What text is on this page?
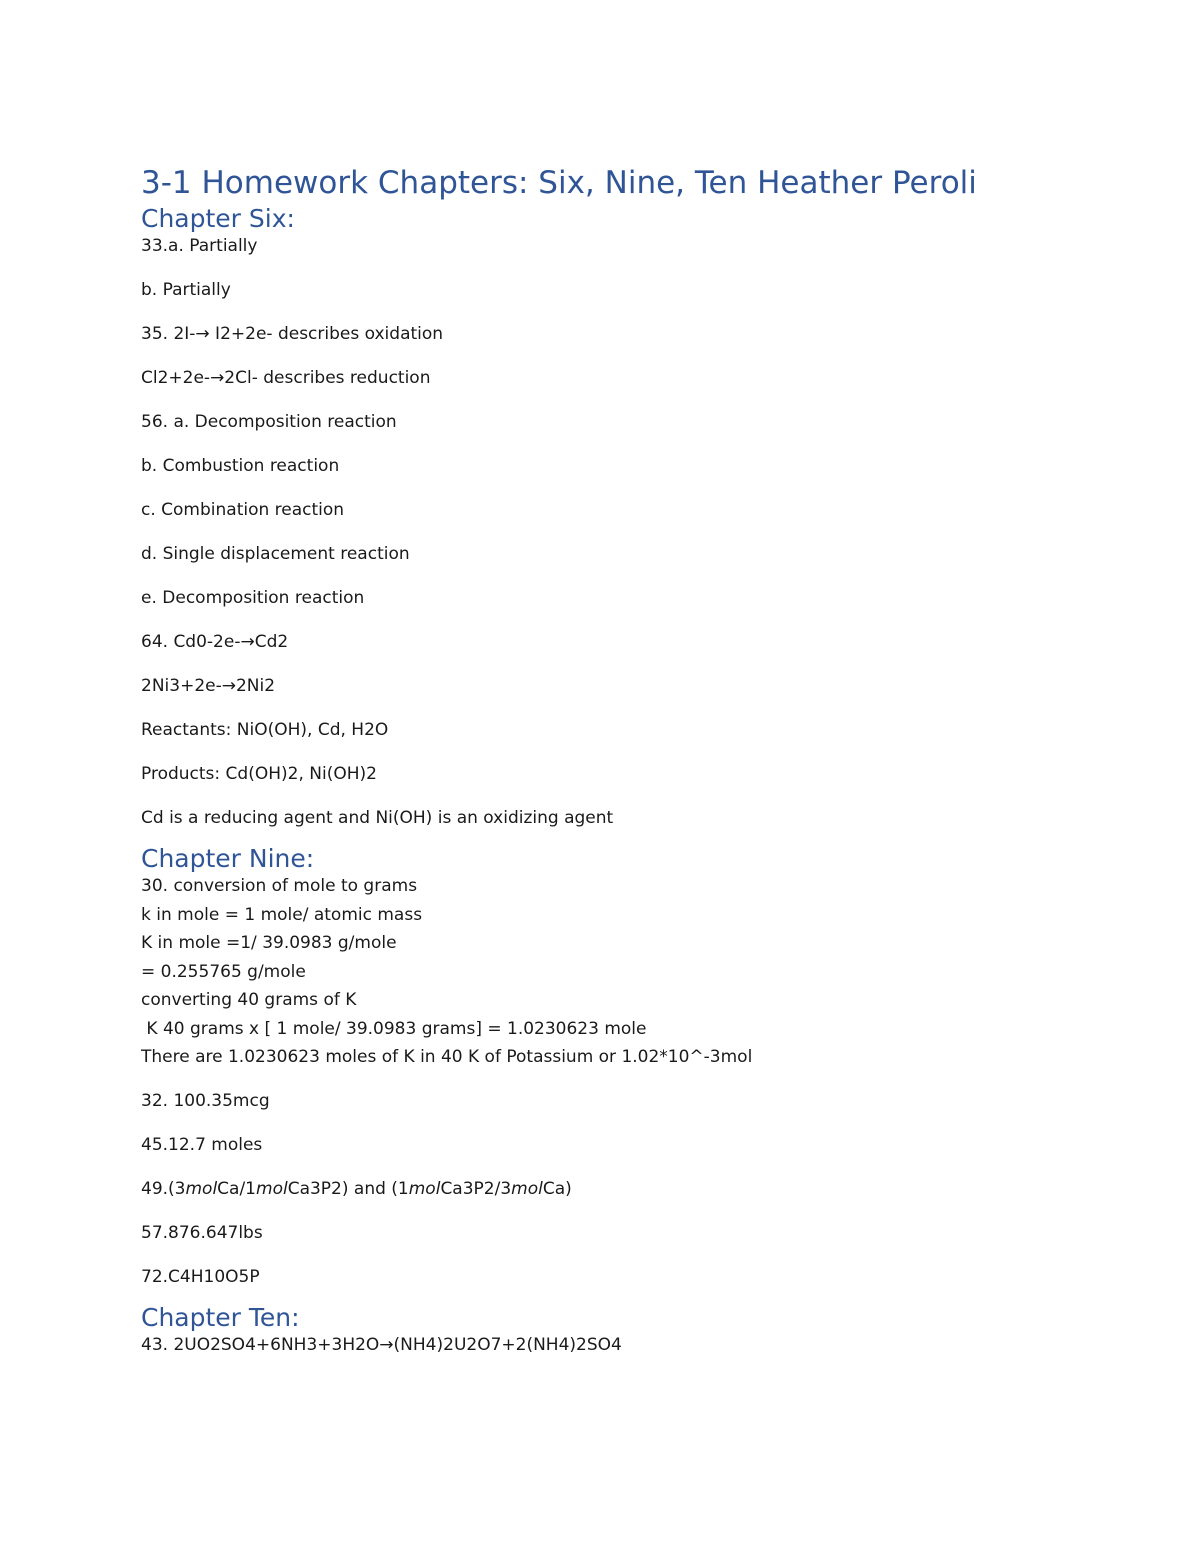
3-1 Homework Chapters: Six, Nine, Ten Heather Peroli
Chapter Six:

33.a. Partially

b. Partially

35. 2I-→ I2+2e- describes oxidation

Cl2+2e-→2Cl- describes reduction

56. a. Decomposition reaction

b. Combustion reaction

c. Combination reaction

d. Single displacement reaction

e. Decomposition reaction

64. Cd0-2e-→Cd2

2Ni3+2e-→2Ni2

Reactants: NiO(OH), Cd, H2O

Products: Cd(OH)2, Ni(OH)2

Cd is a reducing agent and Ni(OH) is an oxidizing agent

Chapter Nine:

30. conversion of mole to grams

k in mole = 1 mole/ atomic mass

K in mole =1/ 39.0983 g/mole

= 0.255765 g/mole

converting 40 grams of K

K 40 grams x [ 1 mole/ 39.0983 grams] = 1.0230623 mole

There are 1.0230623 moles of K in 40 K of Potassium or 1.02*10^-3mol

32. 100.35mcg

45.12.7 moles

49.(3molCa/1molCa3P2) and (1molCa3P2/3molCa)

57.876.647lbs

72.C4H10O5P

Chapter Ten:

43. 2UO2SO4+6NH3+3H2O→(NH4)2U2O7+2(NH4)2SO4
